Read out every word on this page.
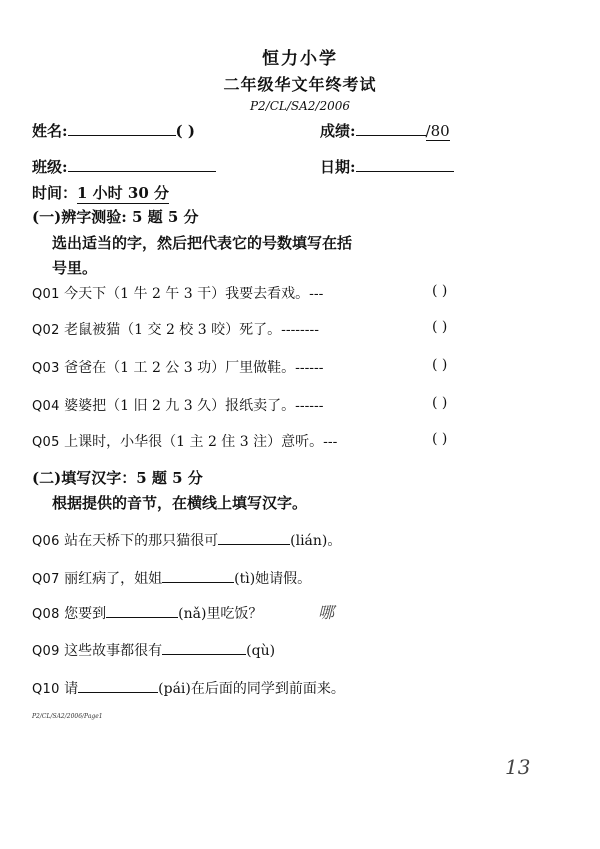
恒力小学
二年级华文年终考试
P2/CL/SA2/2006
姓名:	( )	成绩:	/80
班级:	日期:
时间：1 小时 30 分
(一)辨字测验: 5 题 5 分
选出适当的字，然后把代表它的号数填写在括
号里。
Q01 今天下（1 牛 2 午 3 干）我要去看戏。---	( )
Q02 老鼠被猫（1 交 2 校 3 咬）死了。--------	( )
Q03 爸爸在（1 工 2 公 3 功）厂里做鞋。------	( )
Q04 婆婆把（1 旧 2 九 3 久）报纸卖了。------	( )
Q05 上课时，小华很（1 主 2 住 3 注）意听。---	( )
(二)填写汉字：5 题 5 分
根据提供的音节，在横线上填写汉字。
Q06 站在天桥下的那只猫很可	(lián)。
Q07 丽红病了，姐姐	(tì)她请假。
Q08 您要到	(nǎ)里吃饭？	哪
Q09 这些故事都很有	(qù)
Q10 请	(pái)在后面的同学到前面来。
P2/CL/SA2/2006/Page1
13
